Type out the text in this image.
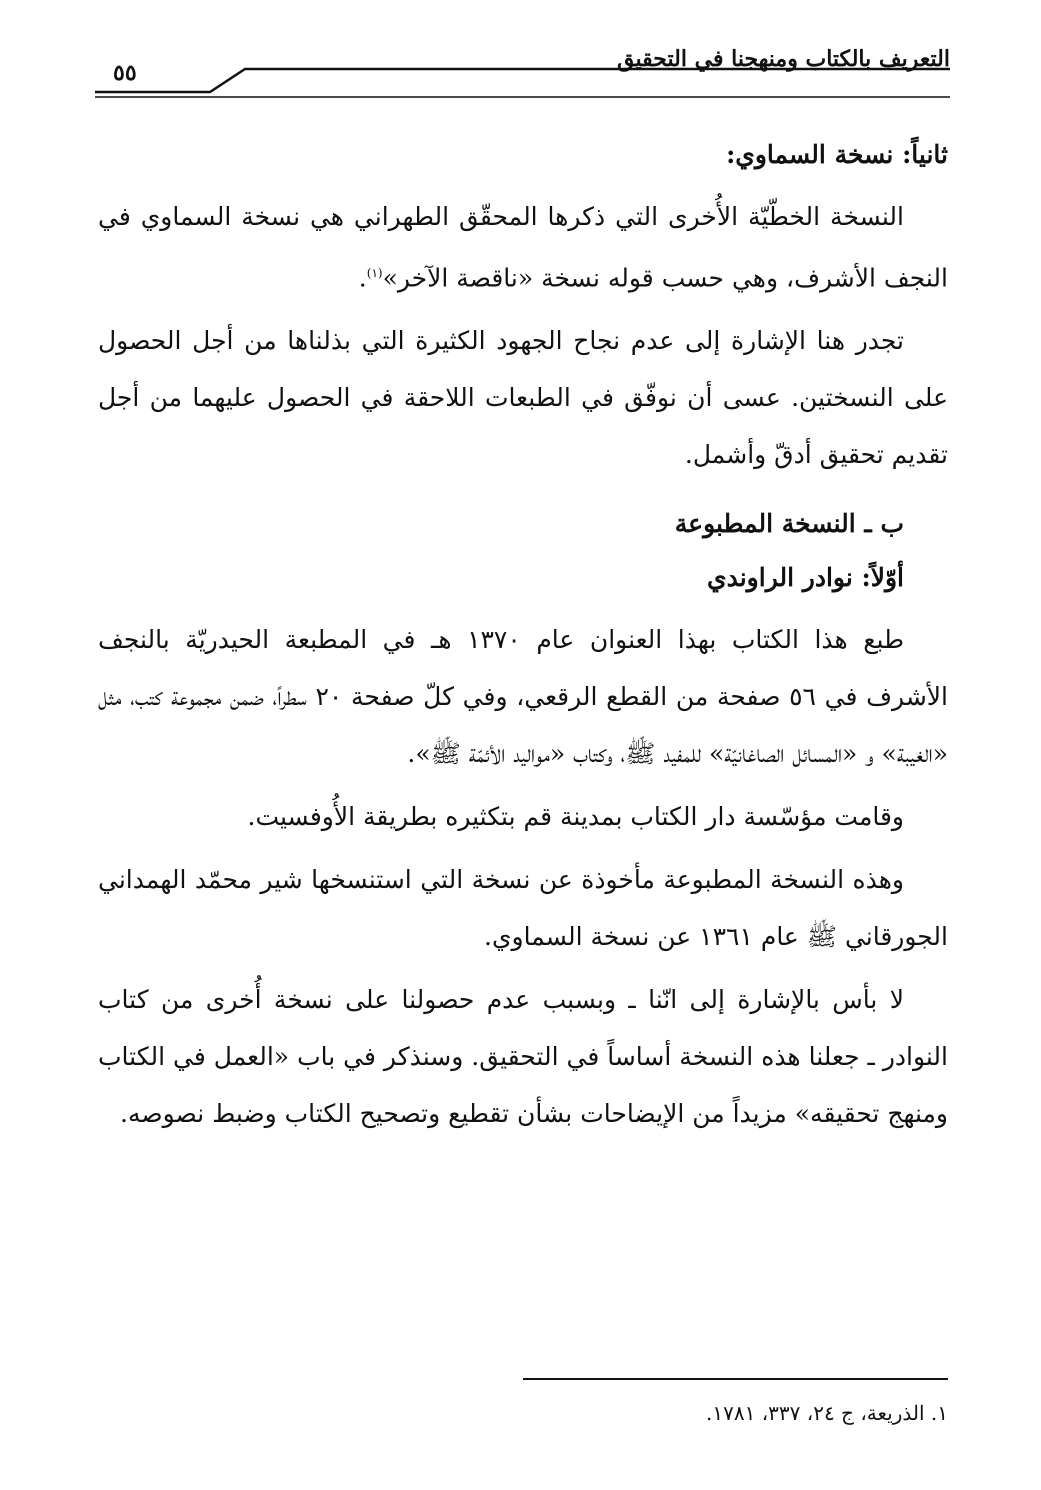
التعريف بالكتاب ومنهجنا في التحقيق
٥٥

ثانياً: نسخة السماوي:

النسخة الخطّيّة الأُخرى التي ذكرها المحقّق الطهراني هي نسخة السماوي في النجف الأشرف، وهي حسب قوله نسخة «ناقصة الآخر»$^{(١)}$.

تجدر هنا الإشارة إلى عدم نجاح الجهود الكثيرة التي بذلناها من أجل الحصول على النسختين. عسى أن نوفّق في الطبعات اللاحقة في الحصول عليهما من أجل تقديم تحقيق أدقّ وأشمل.

ب ـ النسخة المطبوعة

أوّلاً: نوادر الراوندي

طبع هذا الكتاب بهذا العنوان عام ١٣٧٠ هـ في المطبعة الحيدريّة بالنجف الأشرف في ٥٦ صفحة من القطع الرقعي، وفي كلّ صفحة ٢٠ سطراً، ضمن مجموعة كتب، مثل «الغيبة» و «المسائل الصاغانيّة» للمفيد ﷺ، وكتاب «مواليد الأئمّة ﷺ».

وقامت مؤسّسة دار الكتاب بمدينة قم بتكثيره بطريقة الأُوفسيت.

وهذه النسخة المطبوعة مأخوذة عن نسخة التي استنسخها شير محمّد الهمداني الجورقاني ﷺ عام ١٣٦١ عن نسخة السماوي.

لا بأس بالإشارة إلى انّنا ـ وبسبب عدم حصولنا على نسخة أُخرى من كتاب النوادر ـ جعلنا هذه النسخة أساساً في التحقيق. وسنذكر في باب «العمل في الكتاب ومنهج تحقيقه» مزيداً من الإيضاحات بشأن تقطيع وتصحيح الكتاب وضبط نصوصه.

١. الذريعة، ج ٢٤، ٣٣٧، ١٧٨١.
